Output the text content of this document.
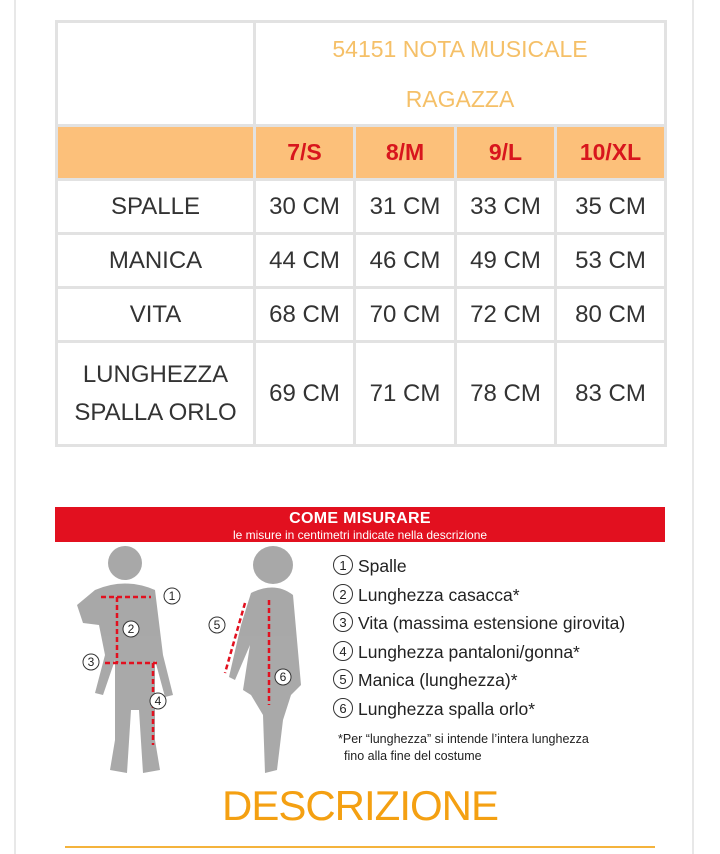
	54151 NOTA MUSICALE
RAGAZZA			

	7/S	8/M	9/L	10/XL
SPALLE	30 CM	31 CM	33 CM	35 CM
MANICA	44 CM	46 CM	49 CM	53 CM
VITA	68 CM	70 CM	72 CM	80 CM

LUNGHEZZA
SPALLA ORLO	69 CM	71 CM	78 CM	83 CM
COME MISURARE
le misure in centimetri indicate nella descrizione
1
2
3
4
5
6
1 Spalle
2 Lunghezza casacca*
3 Vita (massima estensione girovita)
4 Lunghezza pantaloni/gonna*
5 Manica (lunghezza)*
6 Lunghezza spalla orlo*
*Per “lunghezza” si intende l’intera lunghezza
fino alla fine del costume
DESCRIZIONE
